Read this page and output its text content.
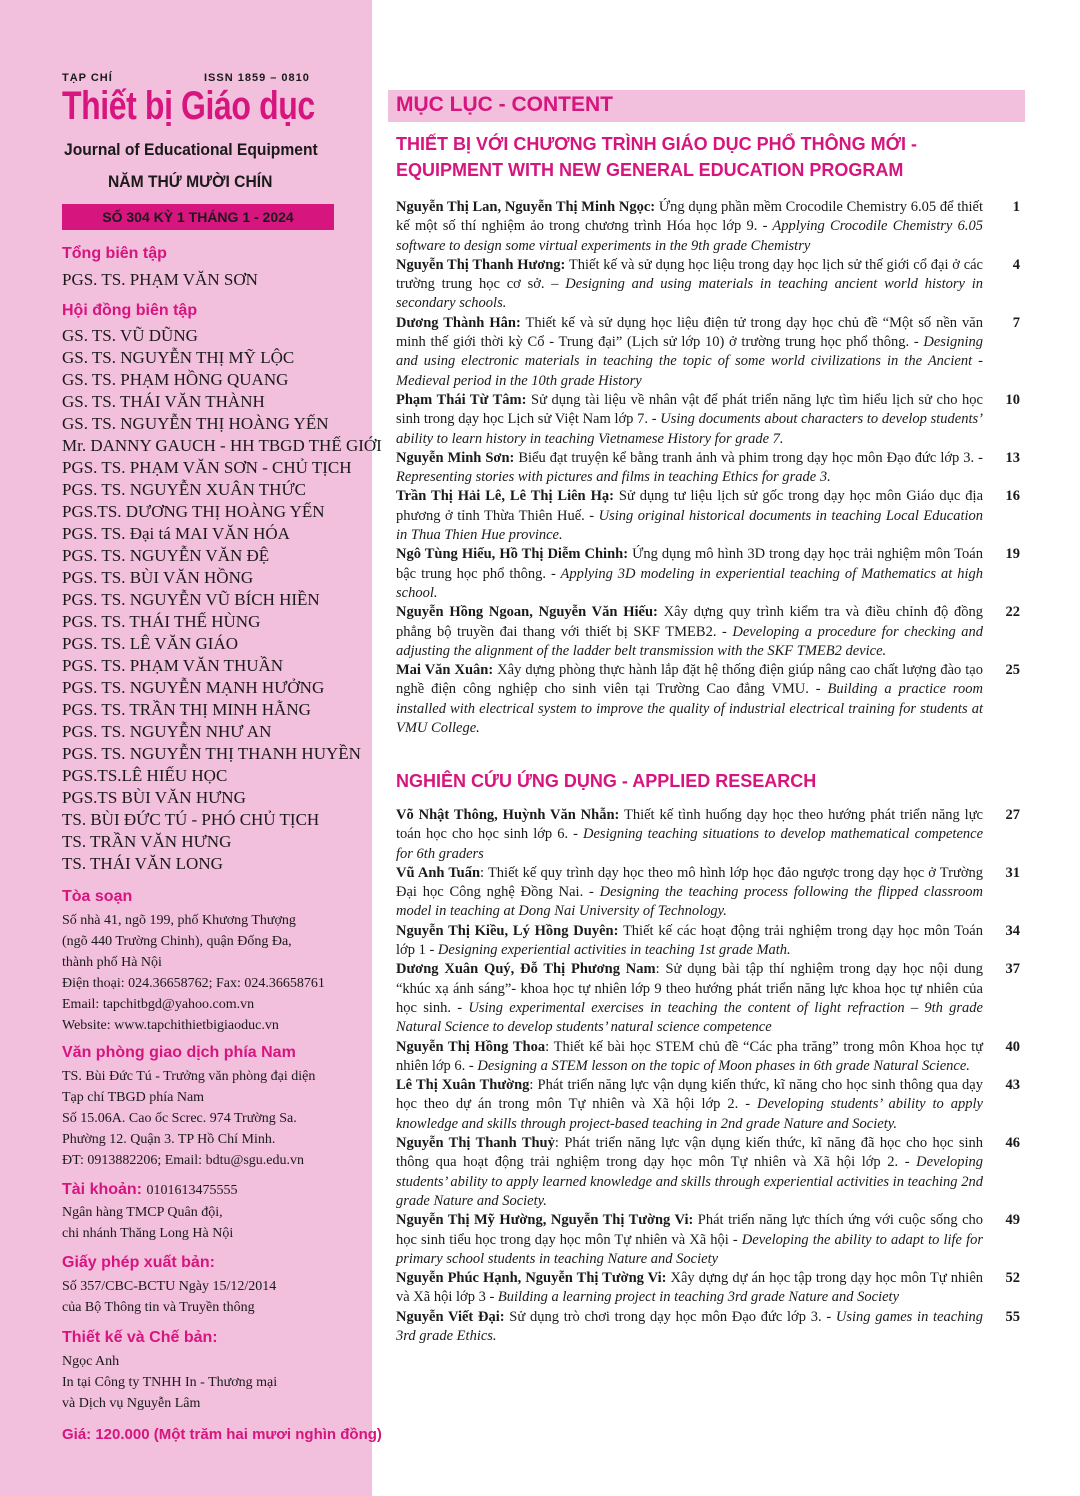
TẠP CHÍ	ISSN 1859 – 0810
Thiết bị Giáo dục
Journal of Educational Equipment
NĂM THỨ MƯỜI CHÍN
SỐ 304 KỲ 1 THÁNG 1 - 2024
Tổng biên tập
PGS. TS. PHẠM VĂN SƠN
Hội đồng biên tập
GS. TS. VŨ DŨNG
GS. TS. NGUYỄN THỊ MỸ LỘC
GS. TS. PHẠM HỒNG QUANG
GS. TS. THÁI VĂN THÀNH
GS. TS. NGUYỄN THỊ HOÀNG YẾN
Mr. DANNY GAUCH - HH TBGD THẾ GIỚI
PGS. TS. PHẠM VĂN SƠN - CHỦ TỊCH
PGS. TS. NGUYỄN XUÂN THỨC
PGS.TS. DƯƠNG THỊ HOÀNG YẾN
PGS. TS. Đại tá MAI VĂN HÓA
PGS. TS. NGUYỄN VĂN ĐỆ
PGS. TS. BÙI VĂN HỒNG
PGS. TS. NGUYỄN VŨ BÍCH HIỀN
PGS. TS. THÁI THẾ HÙNG
PGS. TS. LÊ VĂN GIÁO
PGS. TS. PHẠM VĂN THUẦN
PGS. TS. NGUYỄN MẠNH HƯỞNG
PGS. TS. TRẦN THỊ MINH HẰNG
PGS. TS. NGUYỄN NHƯ AN
PGS. TS. NGUYỄN THỊ THANH HUYỀN
PGS.TS.LÊ HIẾU HỌC
PGS.TS BÙI VĂN HƯNG
TS. BÙI ĐỨC TÚ - PHÓ CHỦ TỊCH
TS. TRẦN VĂN HƯNG
TS. THÁI VĂN LONG
Tòa soạn
Số nhà 41, ngõ 199, phố Khương Thượng
(ngõ 440 Trường Chinh), quận Đống Đa,
thành phố Hà Nội
Điện thoại: 024.36658762; Fax: 024.36658761
Email: tapchitbgd@yahoo.com.vn
Website: www.tapchithietbigiaoduc.vn
Văn phòng giao dịch phía Nam
TS. Bùi Đức Tú - Trưởng văn phòng đại diện
Tạp chí TBGD phía Nam
Số 15.06A. Cao ốc Screc. 974 Trường Sa.
Phường 12. Quận 3. TP Hồ Chí Minh.
ĐT: 0913882206; Email: bdtu@sgu.edu.vn
Tài khoản: 0101613475555
Ngân hàng TMCP Quân đội,
chi nhánh Thăng Long Hà Nội
Giấy phép xuất bản:
Số 357/CBC-BCTU Ngày 15/12/2014
của Bộ Thông tin và Truyền thông
Thiết kế và Chế bản:
Ngọc Anh
In tại Công ty TNHH In - Thương mại
và Dịch vụ Nguyễn Lâm
Giá: 120.000 (Một trăm hai mươi nghìn đồng)
MỤC LỤC - CONTENT
THIẾT BỊ VỚI CHƯƠNG TRÌNH GIÁO DỤC PHỔ THÔNG MỚI - EQUIPMENT WITH NEW GENERAL EDUCATION PROGRAM
Nguyễn Thị Lan, Nguyễn Thị Minh Ngọc: Ứng dụng phần mềm Crocodile Chemistry 6.05 để thiết kế một số thí nghiệm ảo trong chương trình Hóa học lớp 9. - Applying Crocodile Chemistry 6.05 software to design some virtual experiments in the 9th grade Chemistry
1
Nguyễn Thị Thanh Hương: Thiết kế và sử dụng học liệu trong dạy học lịch sử thế giới cổ đại ở các trường trung học cơ sở. – Designing and using materials in teaching ancient world history in secondary schools.
4
Dương Thành Hân: Thiết kế và sử dụng học liệu điện tử trong dạy học chủ đề “Một số nền văn minh thế giới thời kỳ Cổ - Trung đại” (Lịch sử lớp 10) ở trường trung học phổ thông. - Designing and using electronic materials in teaching the topic of some world civilizations in the Ancient - Medieval period in the 10th grade History
7
Phạm Thái Từ Tâm: Sử dụng tài liệu về nhân vật để phát triển năng lực tìm hiểu lịch sử cho học sinh trong dạy học Lịch sử Việt Nam lớp 7. - Using documents about characters to develop students’ ability to learn history in teaching Vietnamese History for grade 7.
10
Nguyễn Minh Sơn: Biểu đạt truyện kể bằng tranh ảnh và phim trong dạy học môn Đạo đức lớp 3. - Representing stories with pictures and films in teaching Ethics for grade 3.
13
Trần Thị Hải Lê, Lê Thị Liên Hạ: Sử dụng tư liệu lịch sử gốc trong dạy học môn Giáo dục địa phương ở tỉnh Thừa Thiên Huế. - Using original historical documents in teaching Local Education in Thua Thien Hue province.
16
Ngô Tùng Hiếu, Hồ Thị Diễm Chinh: Ứng dụng mô hình 3D trong dạy học trải nghiệm môn Toán bậc trung học phổ thông. - Applying 3D modeling in experiential teaching of Mathematics at high school.
19
Nguyễn Hồng Ngoan, Nguyễn Văn Hiếu: Xây dựng quy trình kiểm tra và điều chỉnh độ đồng phẳng bộ truyền đai thang với thiết bị SKF TMEB2. - Developing a procedure for checking and adjusting the alignment of the ladder belt transmission with the SKF TMEB2 device.
22
Mai Văn Xuân: Xây dựng phòng thực hành lắp đặt hệ thống điện giúp nâng cao chất lượng đào tạo nghề điện công nghiệp cho sinh viên tại Trường Cao đẳng VMU. - Building a practice room installed with electrical system to improve the quality of industrial electrical training for students at VMU College.
25
NGHIÊN CỨU ỨNG DỤNG - APPLIED RESEARCH
Võ Nhật Thông, Huỳnh Văn Nhẫn: Thiết kế tình huống dạy học theo hướng phát triển năng lực toán học cho học sinh lớp 6. - Designing teaching situations to develop mathematical competence for 6th graders
27
Vũ Anh Tuấn: Thiết kế quy trình dạy học theo mô hình lớp học đảo ngược trong dạy học ở Trường Đại học Công nghệ Đồng Nai. - Designing the teaching process following the flipped classroom model in teaching at Dong Nai University of Technology.
31
Nguyễn Thị Kiều, Lý Hồng Duyên: Thiết kế các hoạt động trải nghiệm trong dạy học môn Toán lớp 1 - Designing experiential activities in teaching 1st grade Math.
34
Dương Xuân Quý, Đỗ Thị Phương Nam: Sử dụng bài tập thí nghiệm trong dạy học nội dung “khúc xạ ánh sáng”- khoa học tự nhiên lớp 9 theo hướng phát triển năng lực khoa học tự nhiên của học sinh. - Using experimental exercises in teaching the content of light refraction – 9th grade Natural Science to develop students’ natural science competence
37
Nguyễn Thị Hồng Thoa: Thiết kế bài học STEM chủ đề “Các pha trăng” trong môn Khoa học tự nhiên lớp 6. - Designing a STEM lesson on the topic of Moon phases in 6th grade Natural Science.
40
Lê Thị Xuân Thường: Phát triển năng lực vận dụng kiến thức, kĩ năng cho học sinh thông qua dạy học theo dự án trong môn Tự nhiên và Xã hội lớp 2. - Developing students’ ability to apply knowledge and skills through project-based teaching in 2nd grade Nature and Society.
43
Nguyễn Thị Thanh Thuỷ: Phát triển năng lực vận dụng kiến thức, kĩ năng đã học cho học sinh thông qua hoạt động trải nghiệm trong dạy học môn Tự nhiên và Xã hội lớp 2. - Developing students’ ability to apply learned knowledge and skills through experiential activities in teaching 2nd grade Nature and Society.
46
Nguyễn Thị Mỹ Hường, Nguyễn Thị Tường Vi: Phát triển năng lực thích ứng với cuộc sống cho học sinh tiểu học trong dạy học môn Tự nhiên và Xã hội - Developing the ability to adapt to life for primary school students in teaching Nature and Society
49
Nguyễn Phúc Hạnh, Nguyễn Thị Tường Vi: Xây dựng dự án học tập trong dạy học môn Tự nhiên và Xã hội lớp 3 - Building a learning project in teaching 3rd grade Nature and Society
52
Nguyễn Viết Đại: Sử dụng trò chơi trong dạy học môn Đạo đức lớp 3. - Using games in teaching 3rd grade Ethics.
55
